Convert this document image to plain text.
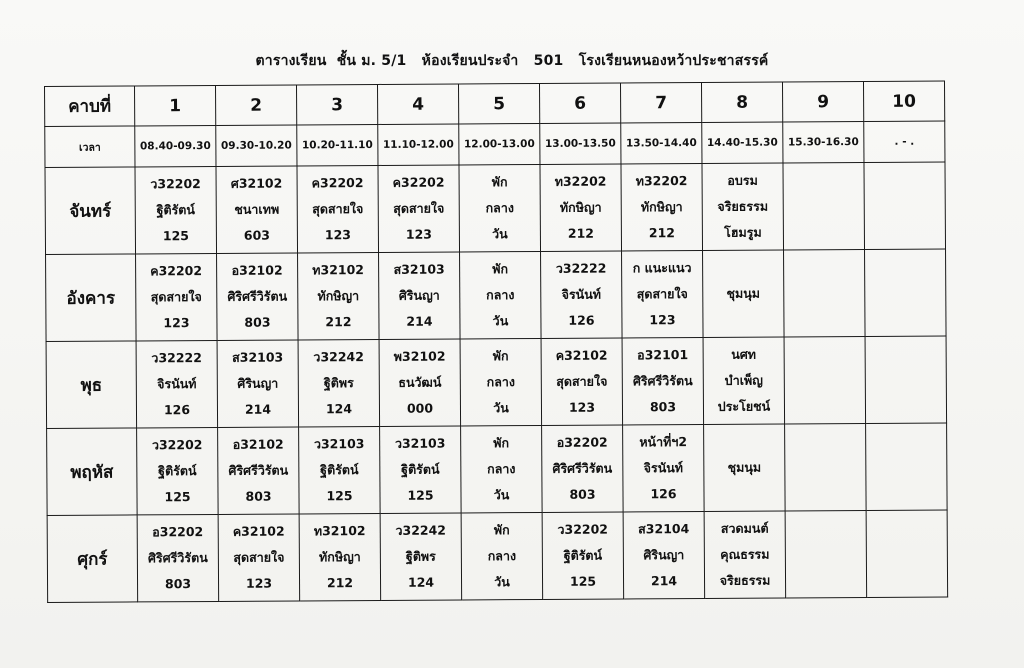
ตารางเรียน  ชั้น ม. 5/1   ห้องเรียนประจำ   501   โรงเรียนหนองหว้าประชาสรรค์
คาบที่	1	2	3	4	5	6	7	8	9	10
เวลา	08.40-09.30	09.30-10.20	10.20-11.10	11.10-12.00	12.00-13.00	13.00-13.50	13.50-14.40	14.40-15.30	15.30-16.30	. - .
จันทร์	ว32202
ฐิติรัตน์
125	ศ32102
ชนาเทพ
603	ค32202
สุดสายใจ
123	ค32202
สุดสายใจ
123	พัก
กลาง
วัน	ท32202
ทักษิญา
212	ท32202
ทักษิญา
212	อบรม
จริยธรรม
โฮมรูม		

อังคาร	ค32202
สุดสายใจ
123	อ32102
ศิริศรีวิรัตน
803	ท32102
ทักษิญา
212	ส32103
ศิรินญา
214	พัก
กลาง
วัน	ว32222
จิรนันท์
126	ก แนะแนว
สุดสายใจ
123	ชุมนุม		

พุธ	ว32222
จิรนันท์
126	ส32103
ศิรินญา
214	ว32242
ฐิติพร
124	พ32102
ธนวัฒน์
000	พัก
กลาง
วัน	ค32102
สุดสายใจ
123	อ32101
ศิริศรีวิรัตน
803	นศท
บำเพ็ญ
ประโยชน์		

พฤหัส	ว32202
ฐิติรัตน์
125	อ32102
ศิริศรีวิรัตน
803	ว32103
ฐิติรัตน์
125	ว32103
ฐิติรัตน์
125	พัก
กลาง
วัน	อ32202
ศิริศรีวิรัตน
803	หน้าที่ฯ2
จิรนันท์
126	ชุมนุม		

ศุกร์	อ32202
ศิริศรีวิรัตน
803	ค32102
สุดสายใจ
123	ท32102
ทักษิญา
212	ว32242
ฐิติพร
124	พัก
กลาง
วัน	ว32202
ฐิติรัตน์
125	ส32104
ศิรินญา
214	สวดมนต์
คุณธรรม
จริยธรรม		
